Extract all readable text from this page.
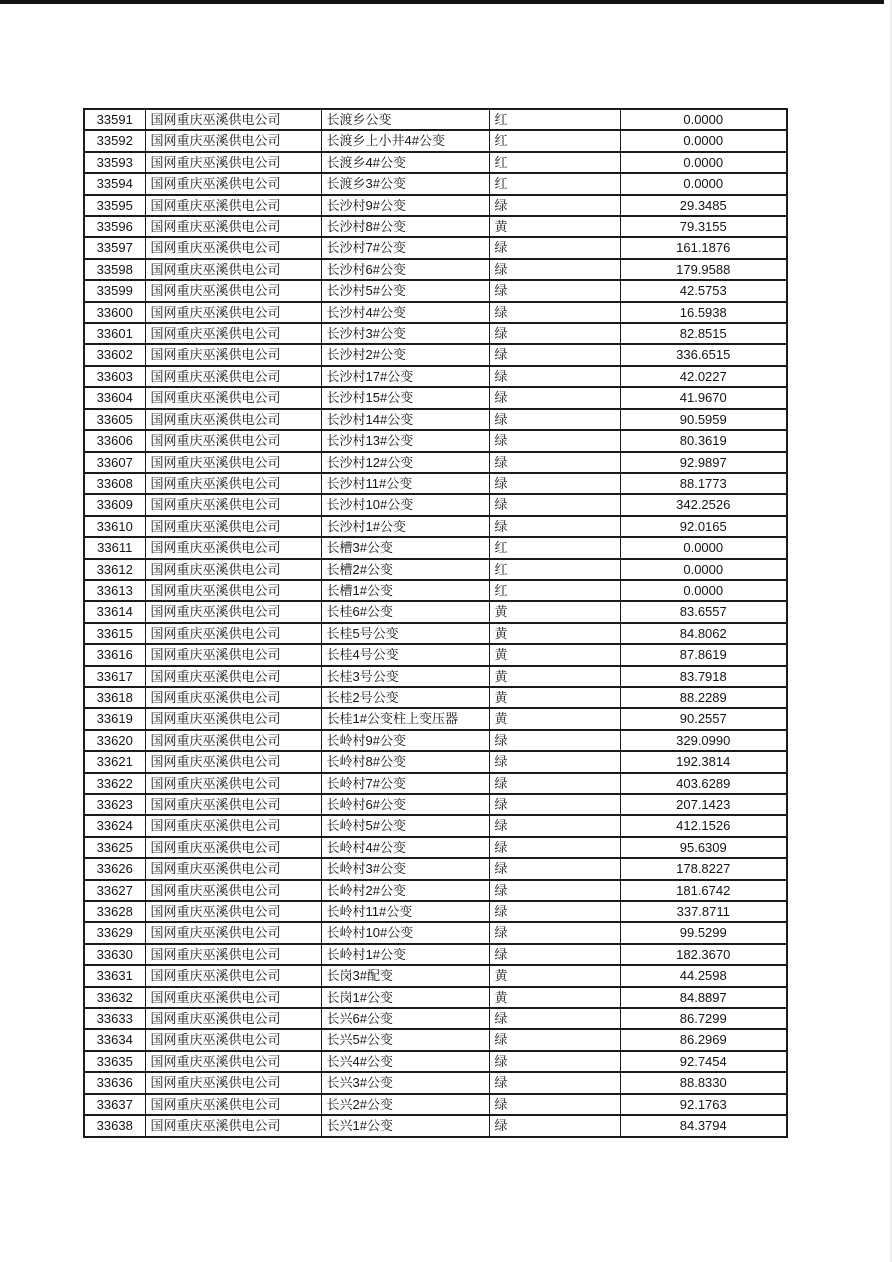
33591	国网重庆巫溪供电公司	长渡乡公变	红	0.0000
33592	国网重庆巫溪供电公司	长渡乡上小井4#公变	红	0.0000
33593	国网重庆巫溪供电公司	长渡乡4#公变	红	0.0000
33594	国网重庆巫溪供电公司	长渡乡3#公变	红	0.0000
33595	国网重庆巫溪供电公司	长沙村9#公变	绿	29.3485
33596	国网重庆巫溪供电公司	长沙村8#公变	黄	79.3155
33597	国网重庆巫溪供电公司	长沙村7#公变	绿	161.1876
33598	国网重庆巫溪供电公司	长沙村6#公变	绿	179.9588
33599	国网重庆巫溪供电公司	长沙村5#公变	绿	42.5753
33600	国网重庆巫溪供电公司	长沙村4#公变	绿	16.5938
33601	国网重庆巫溪供电公司	长沙村3#公变	绿	82.8515
33602	国网重庆巫溪供电公司	长沙村2#公变	绿	336.6515
33603	国网重庆巫溪供电公司	长沙村17#公变	绿	42.0227
33604	国网重庆巫溪供电公司	长沙村15#公变	绿	41.9670
33605	国网重庆巫溪供电公司	长沙村14#公变	绿	90.5959
33606	国网重庆巫溪供电公司	长沙村13#公变	绿	80.3619
33607	国网重庆巫溪供电公司	长沙村12#公变	绿	92.9897
33608	国网重庆巫溪供电公司	长沙村11#公变	绿	88.1773
33609	国网重庆巫溪供电公司	长沙村10#公变	绿	342.2526
33610	国网重庆巫溪供电公司	长沙村1#公变	绿	92.0165
33611	国网重庆巫溪供电公司	长槽3#公变	红	0.0000
33612	国网重庆巫溪供电公司	长槽2#公变	红	0.0000
33613	国网重庆巫溪供电公司	长槽1#公变	红	0.0000
33614	国网重庆巫溪供电公司	长桂6#公变	黄	83.6557
33615	国网重庆巫溪供电公司	长桂5号公变	黄	84.8062
33616	国网重庆巫溪供电公司	长桂4号公变	黄	87.8619
33617	国网重庆巫溪供电公司	长桂3号公变	黄	83.7918
33618	国网重庆巫溪供电公司	长桂2号公变	黄	88.2289
33619	国网重庆巫溪供电公司	长桂1#公变柱上变压器	黄	90.2557
33620	国网重庆巫溪供电公司	长岭村9#公变	绿	329.0990
33621	国网重庆巫溪供电公司	长岭村8#公变	绿	192.3814
33622	国网重庆巫溪供电公司	长岭村7#公变	绿	403.6289
33623	国网重庆巫溪供电公司	长岭村6#公变	绿	207.1423
33624	国网重庆巫溪供电公司	长岭村5#公变	绿	412.1526
33625	国网重庆巫溪供电公司	长岭村4#公变	绿	95.6309
33626	国网重庆巫溪供电公司	长岭村3#公变	绿	178.8227
33627	国网重庆巫溪供电公司	长岭村2#公变	绿	181.6742
33628	国网重庆巫溪供电公司	长岭村11#公变	绿	337.8711
33629	国网重庆巫溪供电公司	长岭村10#公变	绿	99.5299
33630	国网重庆巫溪供电公司	长岭村1#公变	绿	182.3670
33631	国网重庆巫溪供电公司	长岗3#配变	黄	44.2598
33632	国网重庆巫溪供电公司	长岗1#公变	黄	84.8897
33633	国网重庆巫溪供电公司	长兴6#公变	绿	86.7299
33634	国网重庆巫溪供电公司	长兴5#公变	绿	86.2969
33635	国网重庆巫溪供电公司	长兴4#公变	绿	92.7454
33636	国网重庆巫溪供电公司	长兴3#公变	绿	88.8330
33637	国网重庆巫溪供电公司	长兴2#公变	绿	92.1763
33638	国网重庆巫溪供电公司	长兴1#公变	绿	84.3794
